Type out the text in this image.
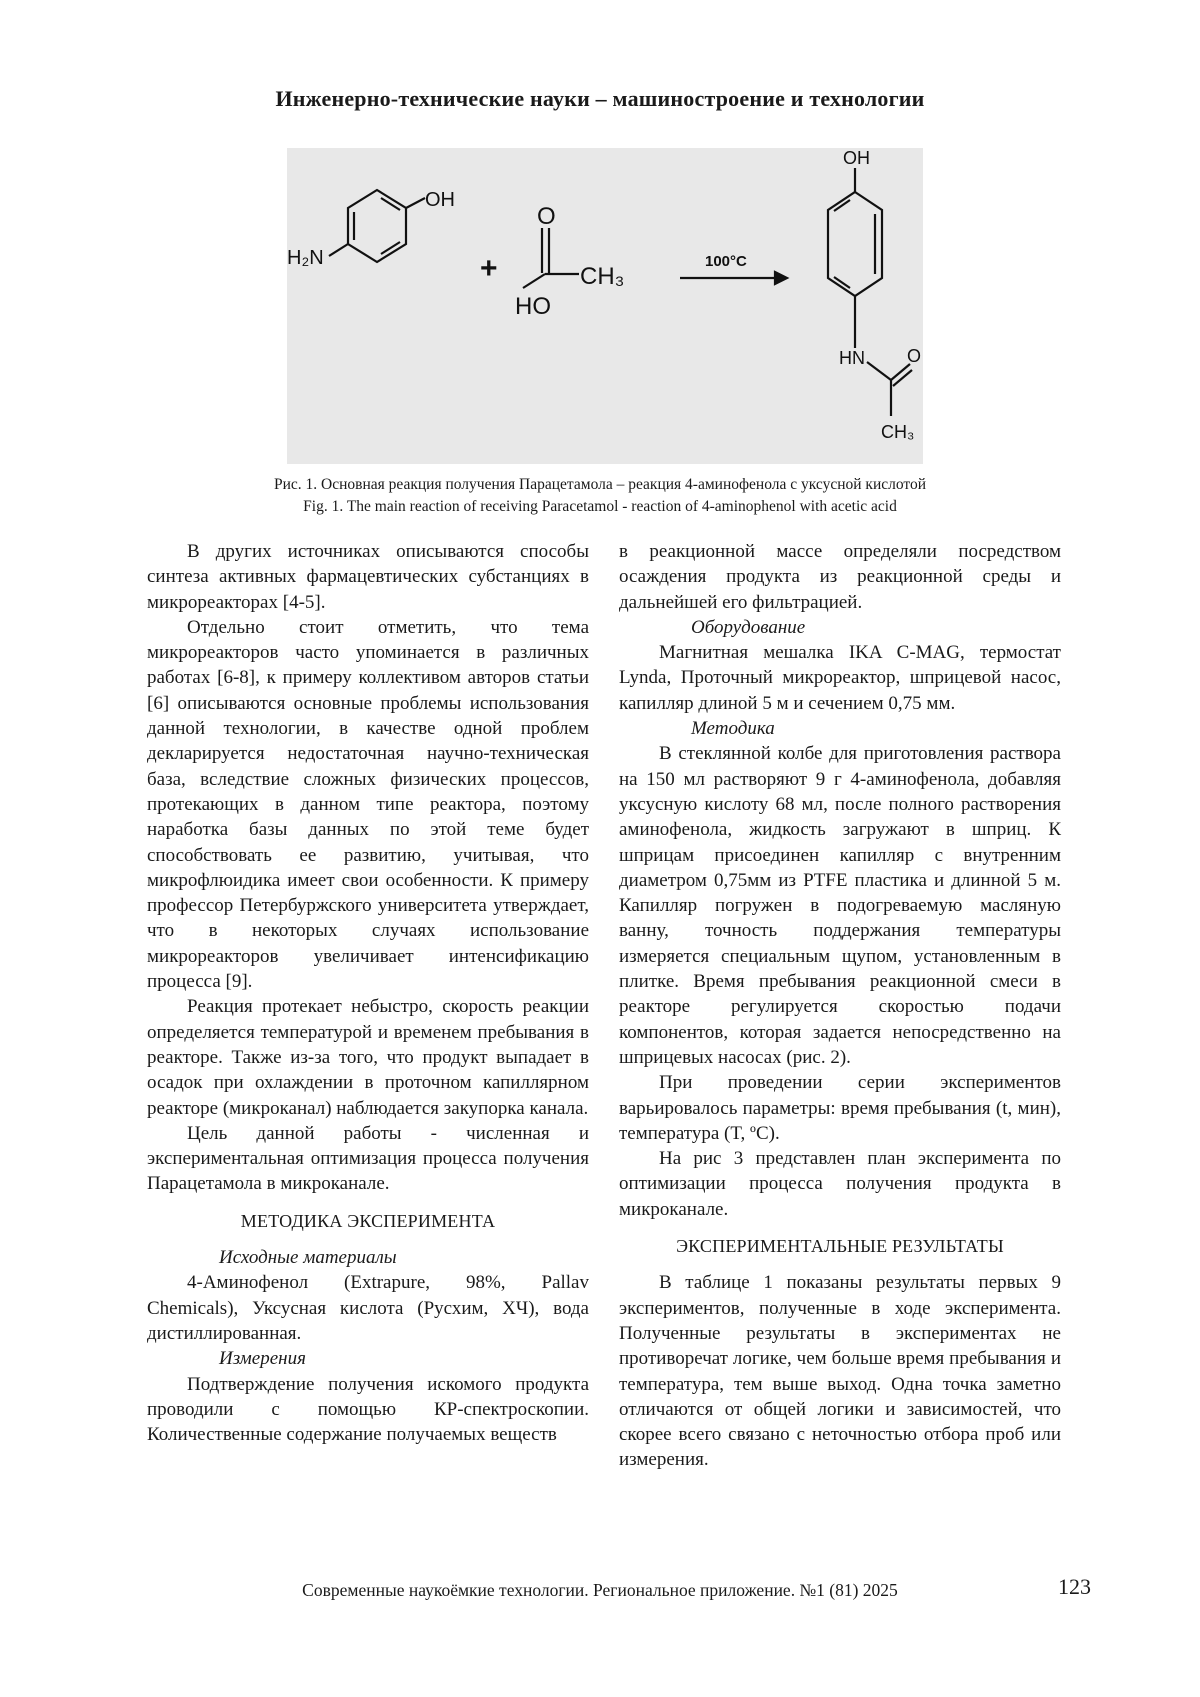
Инженерно-технические науки – машиностроение и технологии
OH
H₂N	+
O
HO
CH₃
100°C
OH
HN O
CH₃
Рис. 1. Основная реакция получения Парацетамола – реакция 4-аминофенола с уксусной кислотой
Fig. 1. The main reaction of receiving Paracetamol - reaction of 4-aminophenol with acetic acid

В других источниках описываются способы синтеза активных фармацевтических субстанциях в микрореакторах [4-5].

Отдельно стоит отметить, что тема микрореакторов часто упоминается в различных работах [6-8], к примеру коллективом авторов статьи [6] описываются основные проблемы использования данной технологии, в качестве одной проблем декларируется недостаточная научно-техническая база, вследствие сложных физических процессов, протекающих в данном типе реактора, поэтому наработка базы данных по этой теме будет способствовать ее развитию, учитывая, что микрофлюидика имеет свои особенности. К примеру профессор Петербуржского университета утверждает, что в некоторых случаях использование микрореакторов увеличивает интенсификацию процесса [9].

Реакция протекает небыстро, скорость реакции определяется температурой и временем пребывания в реакторе. Также из-за того, что продукт выпадает в осадок при охлаждении в проточном капиллярном реакторе (микроканал) наблюдается закупорка канала.

Цель данной работы - численная и экспериментальная оптимизация процесса получения Парацетамола в микроканале.

МЕТОДИКА ЭКСПЕРИМЕНТА

Исходные материалы

4-Аминофенол (Extrapure, 98%, Pallav Chemicals), Уксусная кислота (Русхим, ХЧ), вода дистиллированная.

Измерения

Подтверждение получения искомого продукта проводили с помощью КР-спектроскопии. Количественные содержание получаемых веществ

в реакционной массе определяли посредством осаждения продукта из реакционной среды и дальнейшей его фильтрацией.

Оборудование

Магнитная мешалка IKA C-MAG, термостат Lynda, Проточный микрореактор, шприцевой насос, капилляр длиной 5 м и сечением 0,75 мм.

Методика

В стеклянной колбе для приготовления раствора на 150 мл растворяют 9 г 4-аминофенола, добавляя уксусную кислоту 68 мл, после полного растворения аминофенола, жидкость загружают в шприц. К шприцам присоединен капилляр с внутренним диаметром 0,75мм из PTFE пластика и длинной 5 м. Капилляр погружен в подогреваемую масляную ванну, точность поддержания температуры измеряется специальным щупом, установленным в плитке. Время пребывания реакционной смеси в реакторе регулируется скоростью подачи компонентов, которая задается непосредственно на шприцевых насосах (рис. 2).

При проведении серии экспериментов варьировалось параметры: время пребывания (t, мин), температура (T, ºC).

На рис 3 представлен план эксперимента по оптимизации процесса получения продукта в микроканале.

ЭКСПЕРИМЕНТАЛЬНЫЕ РЕЗУЛЬТАТЫ

В таблице 1 показаны результаты первых 9 экспериментов, полученные в ходе эксперимента. Полученные результаты в экспериментах не противоречат логике, чем больше время пребывания и температура, тем выше выход. Одна точка заметно отличаются от общей логики и зависимостей, что скорее всего связано с неточностью отбора проб или измерения.

Современные наукоёмкие технологии. Региональное приложение. №1 (81) 2025	123
